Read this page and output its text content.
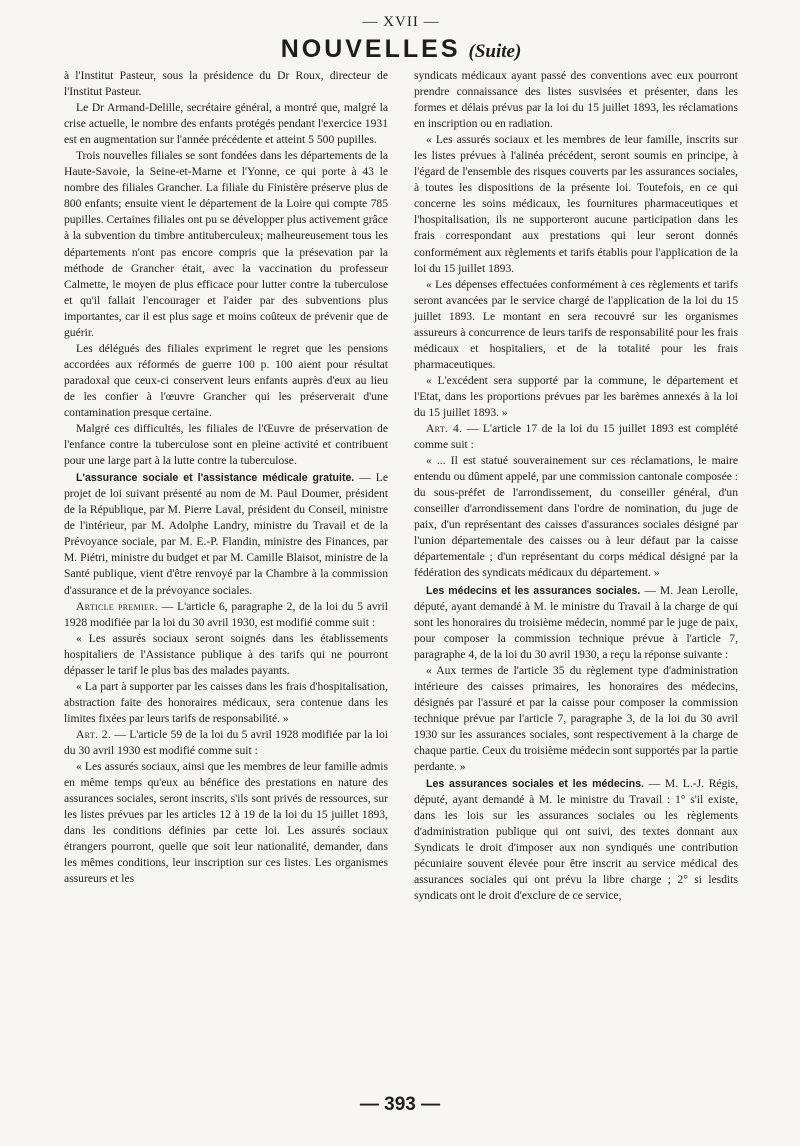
— XVII —
NOUVELLES (Suite)

à l'Institut Pasteur, sous la présidence du Dr Roux, directeur de l'Institut Pasteur.

Le Dr Armand-Delille, secrétaire général, a montré que, malgré la crise actuelle, le nombre des enfants protégés pendant l'exercice 1931 est en augmentation sur l'année précédente et atteint 5 500 pupilles.

Trois nouvelles filiales se sont fondées dans les départements de la Haute-Savoie, la Seine-et-Marne et l'Yonne, ce qui porte à 43 le nombre des filiales Grancher. La filiale du Finistère préserve plus de 800 enfants; ensuite vient le département de la Loire qui compte 785 pupilles. Certaines filiales ont pu se développer plus activement grâce à la subvention du timbre antituberculeux; malheureusement tous les départements n'ont pas encore compris que la présevation par la méthode de Grancher était, avec la vaccination du professeur Calmette, le moyen de plus efficace pour lutter contre la tuberculose et qu'il fallait l'encourager et l'aider par des subventions plus importantes, car il est plus sage et moins coûteux de prévenir que de guérir.

Les délégués des filiales expriment le regret que les pensions accordées aux réformés de guerre 100 p. 100 aient pour résultat paradoxal que ceux-ci conservent leurs enfants auprès d'eux au lieu de les confier à l'œuvre Grancher qui les préserverait d'une contamination presque certaine.

Malgré ces difficultés, les filiales de l'Œuvre de préservation de l'enfance contre la tuberculose sont en pleine activité et contribuent pour une large part à la lutte contre la tuberculose.

L'assurance sociale et l'assistance médicale gratuite. — Le projet de loi suivant présenté au nom de M. Paul Doumer, président de la République, par M. Pierre Laval, président du Conseil, ministre de l'intérieur, par M. Adolphe Landry, ministre du Travail et de la Prévoyance sociale, par M. E.-P. Flandin, ministre des Finances, par M. Piétri, ministre du budget et par M. Camille Blaisot, ministre de la Santé publique, vient d'être renvoyé par la Chambre à la commission d'assurance et de la prévoyance sociales.

Article premier. — L'article 6, paragraphe 2, de la loi du 5 avril 1928 modifiée par la loi du 30 avril 1930, est modifié comme suit :

« Les assurés sociaux seront soignés dans les établissements hospitaliers de l'Assistance publique à des tarifs qui ne pourront dépasser le tarif le plus bas des malades payants.

« La part à supporter par les caisses dans les frais d'hospitalisation, abstraction faite des honoraires médicaux, sera contenue dans les limites fixées par leurs tarifs de responsabilité. »

Art. 2. — L'article 59 de la loi du 5 avril 1928 modifiée par la loi du 30 avril 1930 est modifié comme suit :

« Les assurés sociaux, ainsi que les membres de leur famille admis en même temps qu'eux au bénéfice des prestations en nature des assurances sociales, seront inscrits, s'ils sont privés de ressources, sur les listes prévues par les articles 12 à 19 de la loi du 15 juillet 1893, dans les conditions définies par cette loi. Les assurés sociaux étrangers pourront, quelle que soit leur nationalité, demander, dans les mêmes conditions, leur inscription sur ces listes. Les organismes assureurs et les

syndicats médicaux ayant passé des conventions avec eux pourront prendre connaissance des listes susvisées et présenter, dans les formes et délais prévus par la loi du 15 juillet 1893, les réclamations en inscription ou en radiation.

« Les assurés sociaux et les membres de leur famille, inscrits sur les listes prévues à l'alinéa précédent, seront soumis en principe, à l'égard de l'ensemble des risques couverts par les assurances sociales, à toutes les dispositions de la présente loi. Toutefois, en ce qui concerne les soins médicaux, les fournitures pharmaceutiques et l'hospitalisation, ils ne supporteront aucune participation dans les frais correspondant aux prestations qui leur seront donnés conformément aux règlements et tarifs établis pour l'application de la loi du 15 juillet 1893.

« Les dépenses effectuées conformément à ces règlements et tarifs seront avancées par le service chargé de l'application de la loi du 15 juillet 1893. Le montant en sera recouvré sur les organismes assureurs à concurrence de leurs tarifs de responsabilité pour les frais médicaux et hospitaliers, et de la totalité pour les frais pharmaceutiques.

« L'excédent sera supporté par la commune, le département et l'Etat, dans les proportions prévues par les barèmes annexés à la loi du 15 juillet 1893. »

Art. 4. — L'article 17 de la loi du 15 juillet 1893 est complété comme suit :

« ... Il est statué souverainement sur ces réclamations, le maire entendu ou dûment appelé, par une commission cantonale composée : du sous-préfet de l'arrondissement, du conseiller général, d'un conseiller d'arrondissement dans l'ordre de nomination, du juge de paix, d'un représentant des caisses d'assurances sociales désigné par l'union départementale des caisses ou à leur défaut par la caisse départementale ; d'un représentant du corps médical désigné par la fédération des syndicats médicaux du département. »

Les médecins et les assurances sociales. — M. Jean Lerolle, député, ayant demandé à M. le ministre du Travail à la charge de qui sont les honoraires du troisième médecin, nommé par le juge de paix, pour composer la commission technique prévue à l'article 7, paragraphe 4, de la loi du 30 avril 1930, a reçu la réponse suivante :

« Aux termes de l'article 35 du règlement type d'administration intérieure des caisses primaires, les honoraires des médecins, désignés par l'assuré et par la caisse pour composer la commission technique prévue par l'article 7, paragraphe 3, de la loi du 30 avril 1930 sur les assurances sociales, sont respectivement à la charge de chaque partie. Ceux du troisième médecin sont supportés par la partie perdante. »

Les assurances sociales et les médecins. — M. L.-J. Régis, député, ayant demandé à M. le ministre du Travail : 1° s'il existe, dans les lois sur les assurances sociales ou les règlements d'administration publique qui ont suivi, des textes donnant aux Syndicats le droit d'imposer aux non syndiqués une contribution pécuniaire souvent élevée pour être inscrit au service médical des assurances sociales qui ont prévu la libre charge ; 2° si lesdits syndicats ont le droit d'exclure de ce service,

— 393 —
